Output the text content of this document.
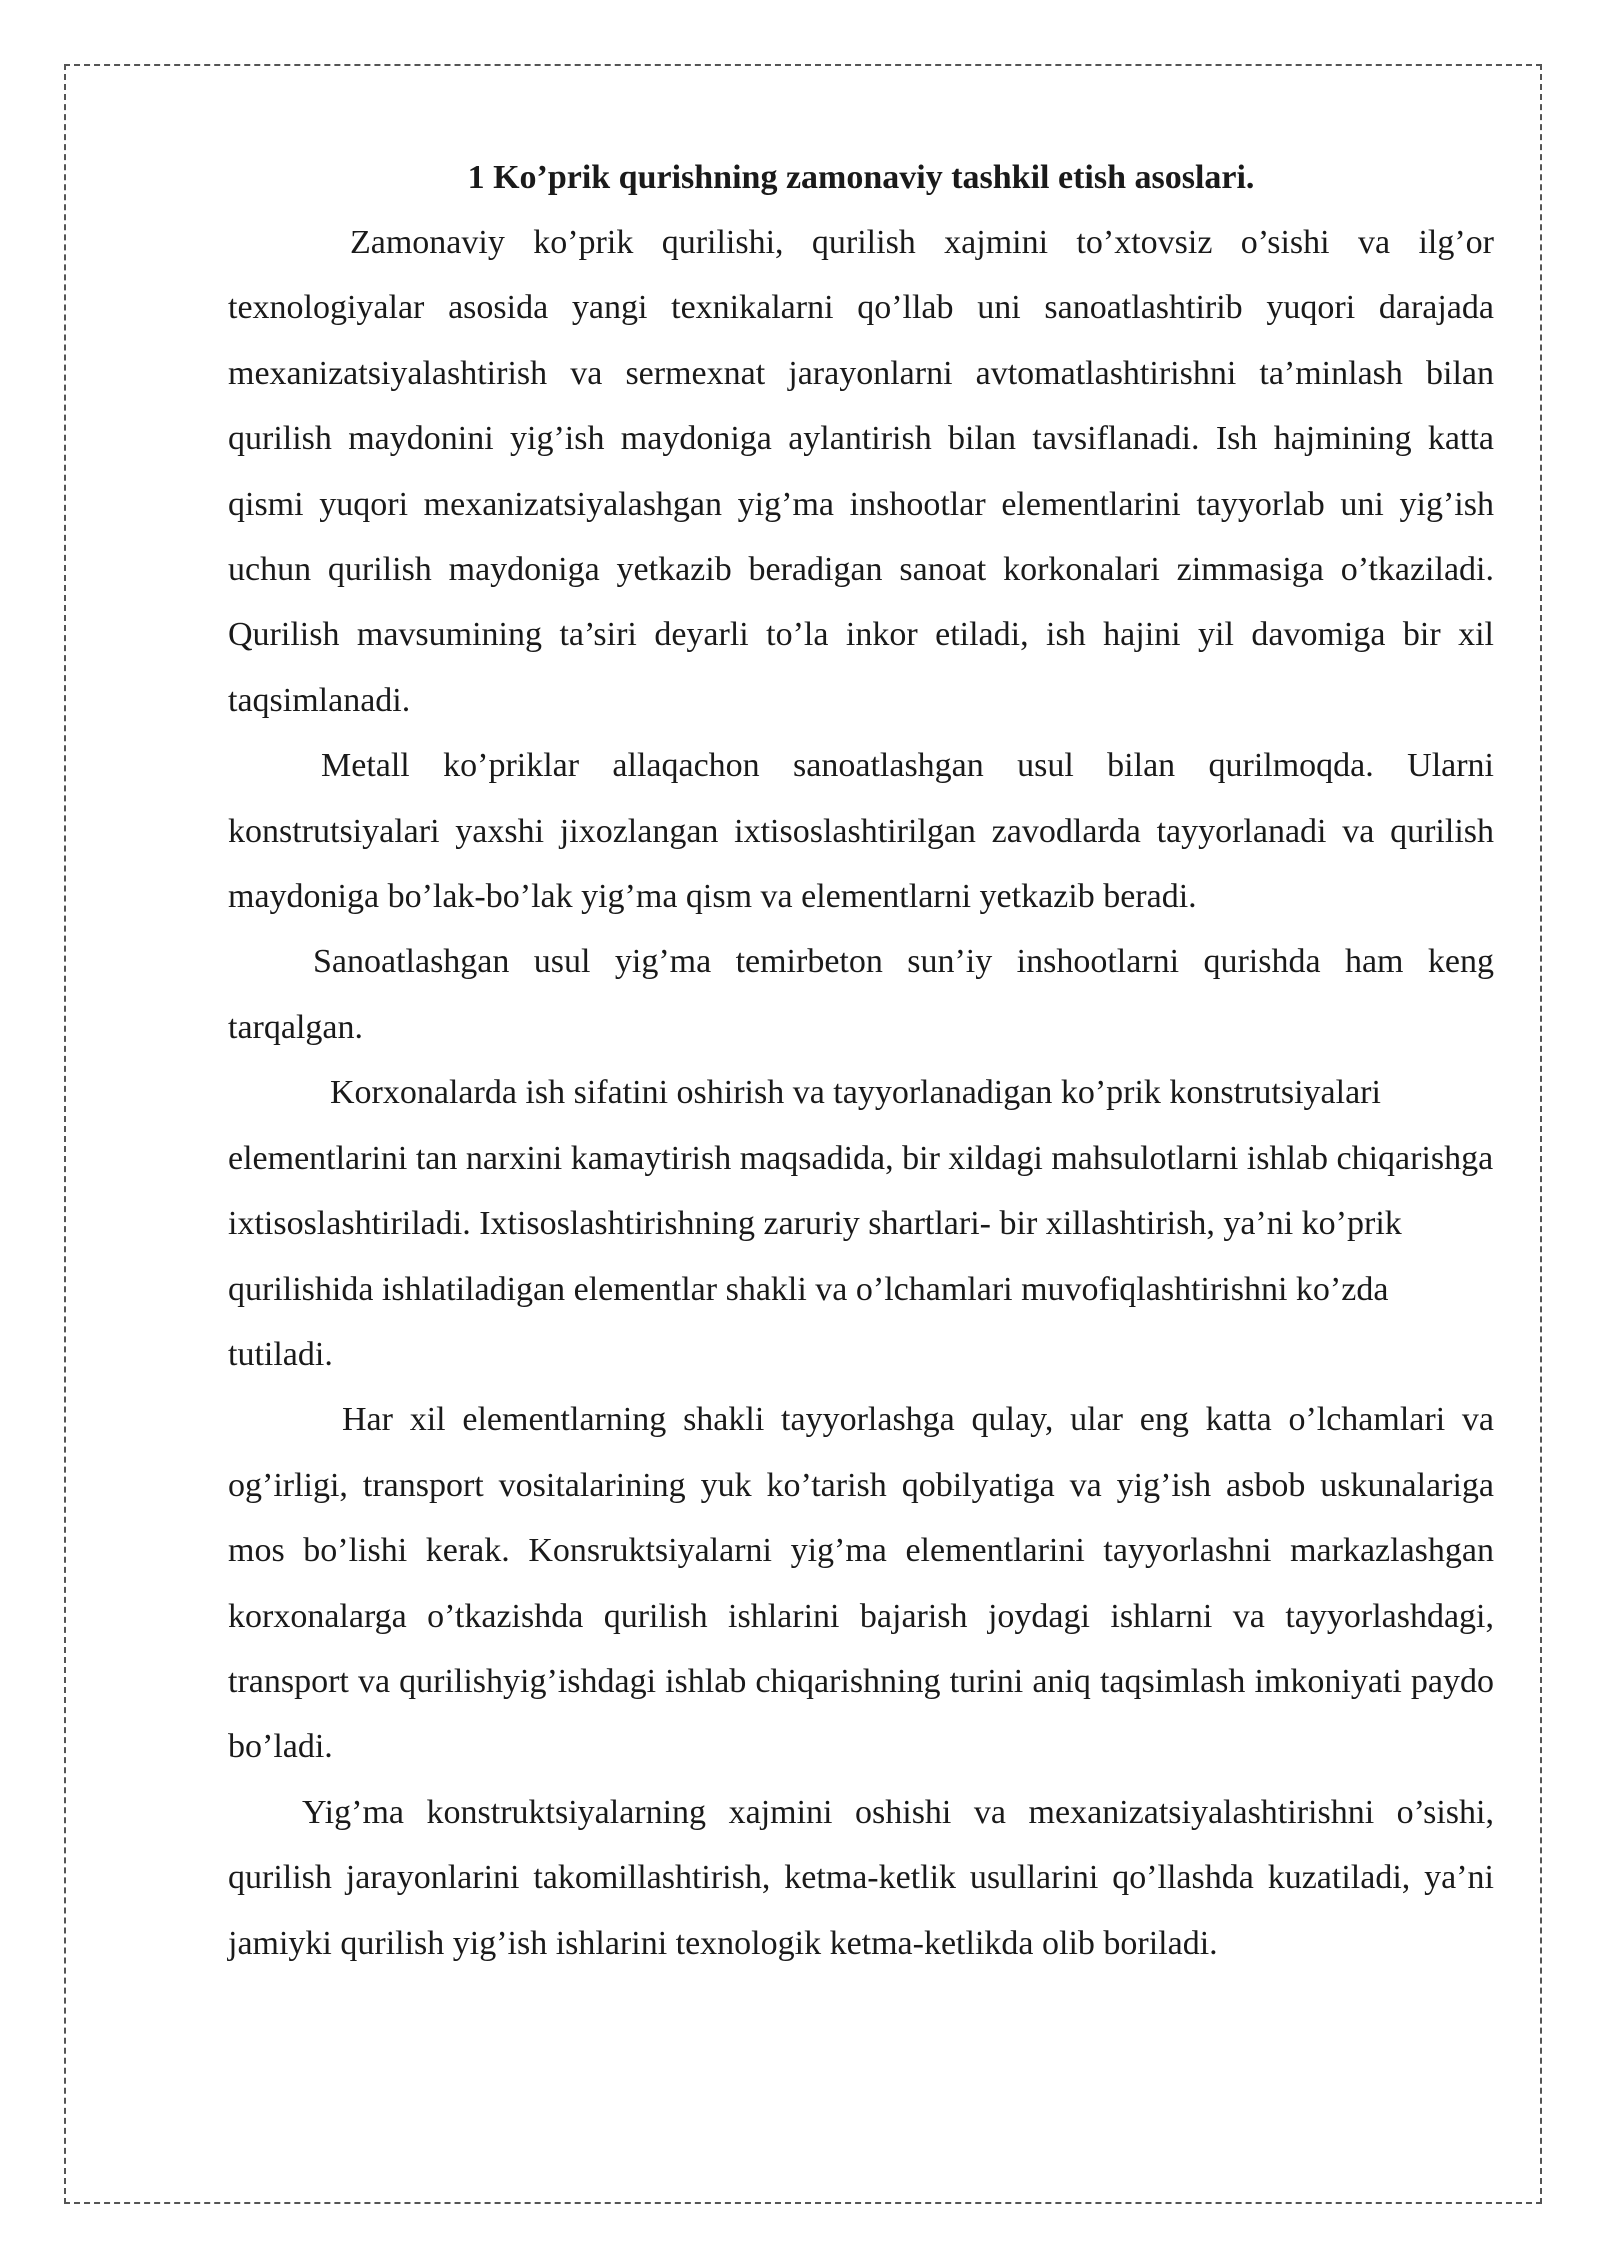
1 Ko’prik qurishning zamonaviy tashkil etish asoslari.

Zamonaviy ko’prik qurilishi, qurilish xajmini to’xtovsiz o’sishi va ilg’or texnologiyalar asosida yangi texnikalarni qo’llab uni sanoatlashtirib yuqori darajada mexanizatsiyalashtirish va sermexnat jarayonlarni avtomatlashtirishni ta’minlash bilan qurilish maydonini yig’ish maydoniga aylantirish bilan tavsiflanadi. Ish hajmining katta qismi yuqori mexanizatsiyalashgan yig’ma inshootlar elementlarini tayyorlab uni yig’ish uchun qurilish maydoniga yetkazib beradigan sanoat korkonalari zimmasiga o’tkaziladi. Qurilish mavsumining ta’siri deyarli to’la inkor etiladi, ish hajini yil davomiga bir xil taqsimlanadi.

Metall ko’priklar allaqachon sanoatlashgan usul bilan qurilmoqda. Ularni konstrutsiyalari yaxshi jixozlangan ixtisoslashtirilgan zavodlarda tayyorlanadi va qurilish maydoniga bo’lak-bo’lak yig’ma qism va elementlarni yetkazib beradi.

Sanoatlashgan usul yig’ma temirbeton sun’iy inshootlarni qurishda ham keng tarqalgan.

Korxonalarda ish sifatini oshirish va tayyorlanadigan ko’prik konstrutsiyalari elementlarini tan narxini kamaytirish maqsadida, bir xildagi mahsulotlarni ishlab chiqarishga ixtisoslashtiriladi. Ixtisoslashtirishning zaruriy shartlari- bir xillashtirish, ya’ni ko’prik qurilishida ishlatiladigan elementlar shakli va o’lchamlari muvofiqlashtirishni ko’zda tutiladi.

Har xil elementlarning shakli tayyorlashga qulay, ular eng katta o’lchamlari va og’irligi, transport vositalarining yuk ko’tarish qobilyatiga va yig’ish asbob uskunalariga mos bo’lishi kerak. Konsruktsiyalarni yig’ma elementlarini tayyorlashni markazlashgan korxonalarga o’tkazishda qurilish ishlarini bajarish joydagi ishlarni va tayyorlashdagi, transport va qurilishyig’ishdagi ishlab chiqarishning turini aniq taqsimlash imkoniyati paydo bo’ladi.

Yig’ma konstruktsiyalarning xajmini oshishi va mexanizatsiyalashtirishni o’sishi, qurilish jarayonlarini takomillashtirish, ketma-ketlik usullarini qo’llashda kuzatiladi, ya’ni jamiyki qurilish yig’ish ishlarini texnologik ketma-ketlikda olib boriladi.
